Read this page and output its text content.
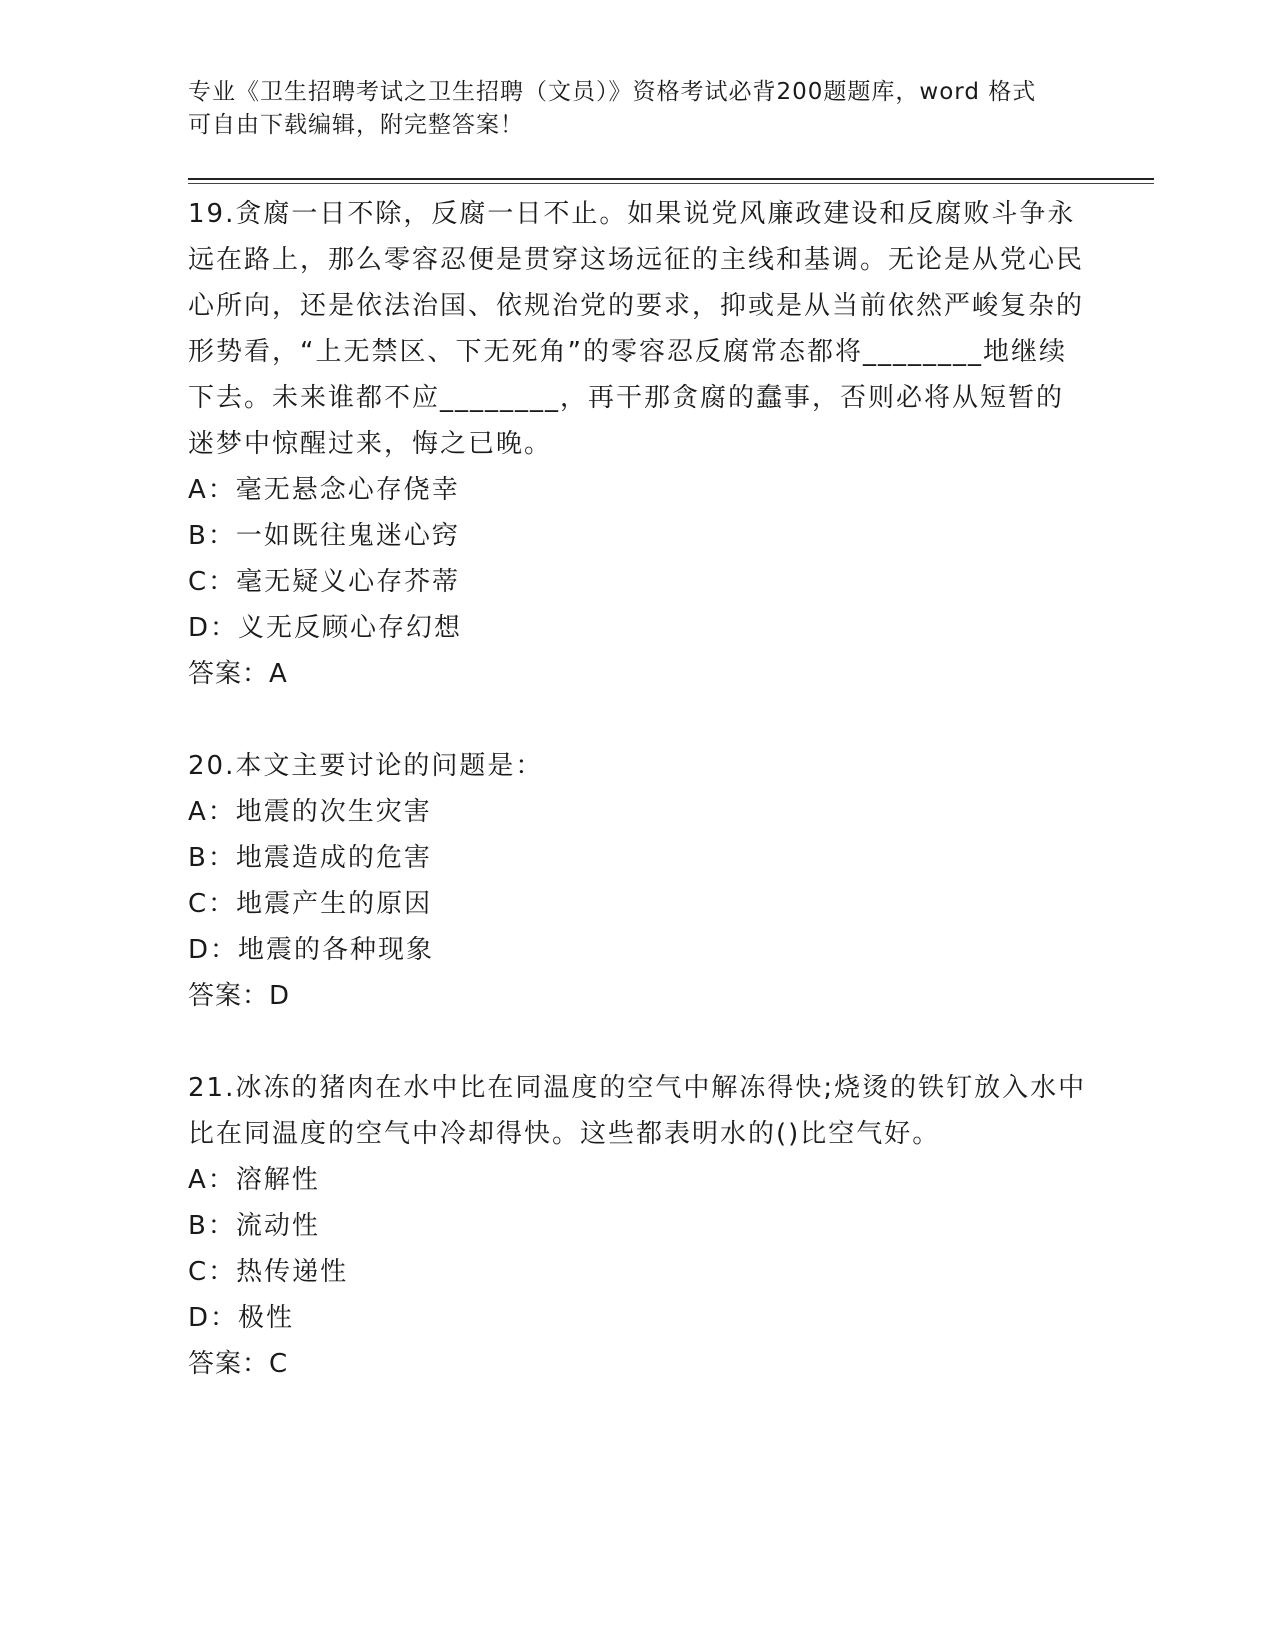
专业《卫生招聘考试之卫生招聘（文员）》资格考试必背200题题库，word 格式
可自由下载编辑，附完整答案！

19.贪腐一日不除，反腐一日不止。如果说党风廉政建设和反腐败斗争永远在路上，那么零容忍便是贯穿这场远征的主线和基调。无论是从党心民心所向，还是依法治国、依规治党的要求，抑或是从当前依然严峻复杂的形势看，“上无禁区、下无死角”的零容忍反腐常态都将________地继续下去。未来谁都不应________，再干那贪腐的蠢事，否则必将从短暂的迷梦中惊醒过来，悔之已晚。

A：毫无悬念心存侥幸

B：一如既往鬼迷心窍

C：毫无疑义心存芥蒂

D：义无反顾心存幻想

答案：A

20.本文主要讨论的问题是：

A：地震的次生灾害

B：地震造成的危害

C：地震产生的原因

D：地震的各种现象

答案：D

21.冰冻的猪肉在水中比在同温度的空气中解冻得快;烧烫的铁钉放入水中比在同温度的空气中冷却得快。这些都表明水的()比空气好。

A：溶解性

B：流动性

C：热传递性

D：极性

答案：C
